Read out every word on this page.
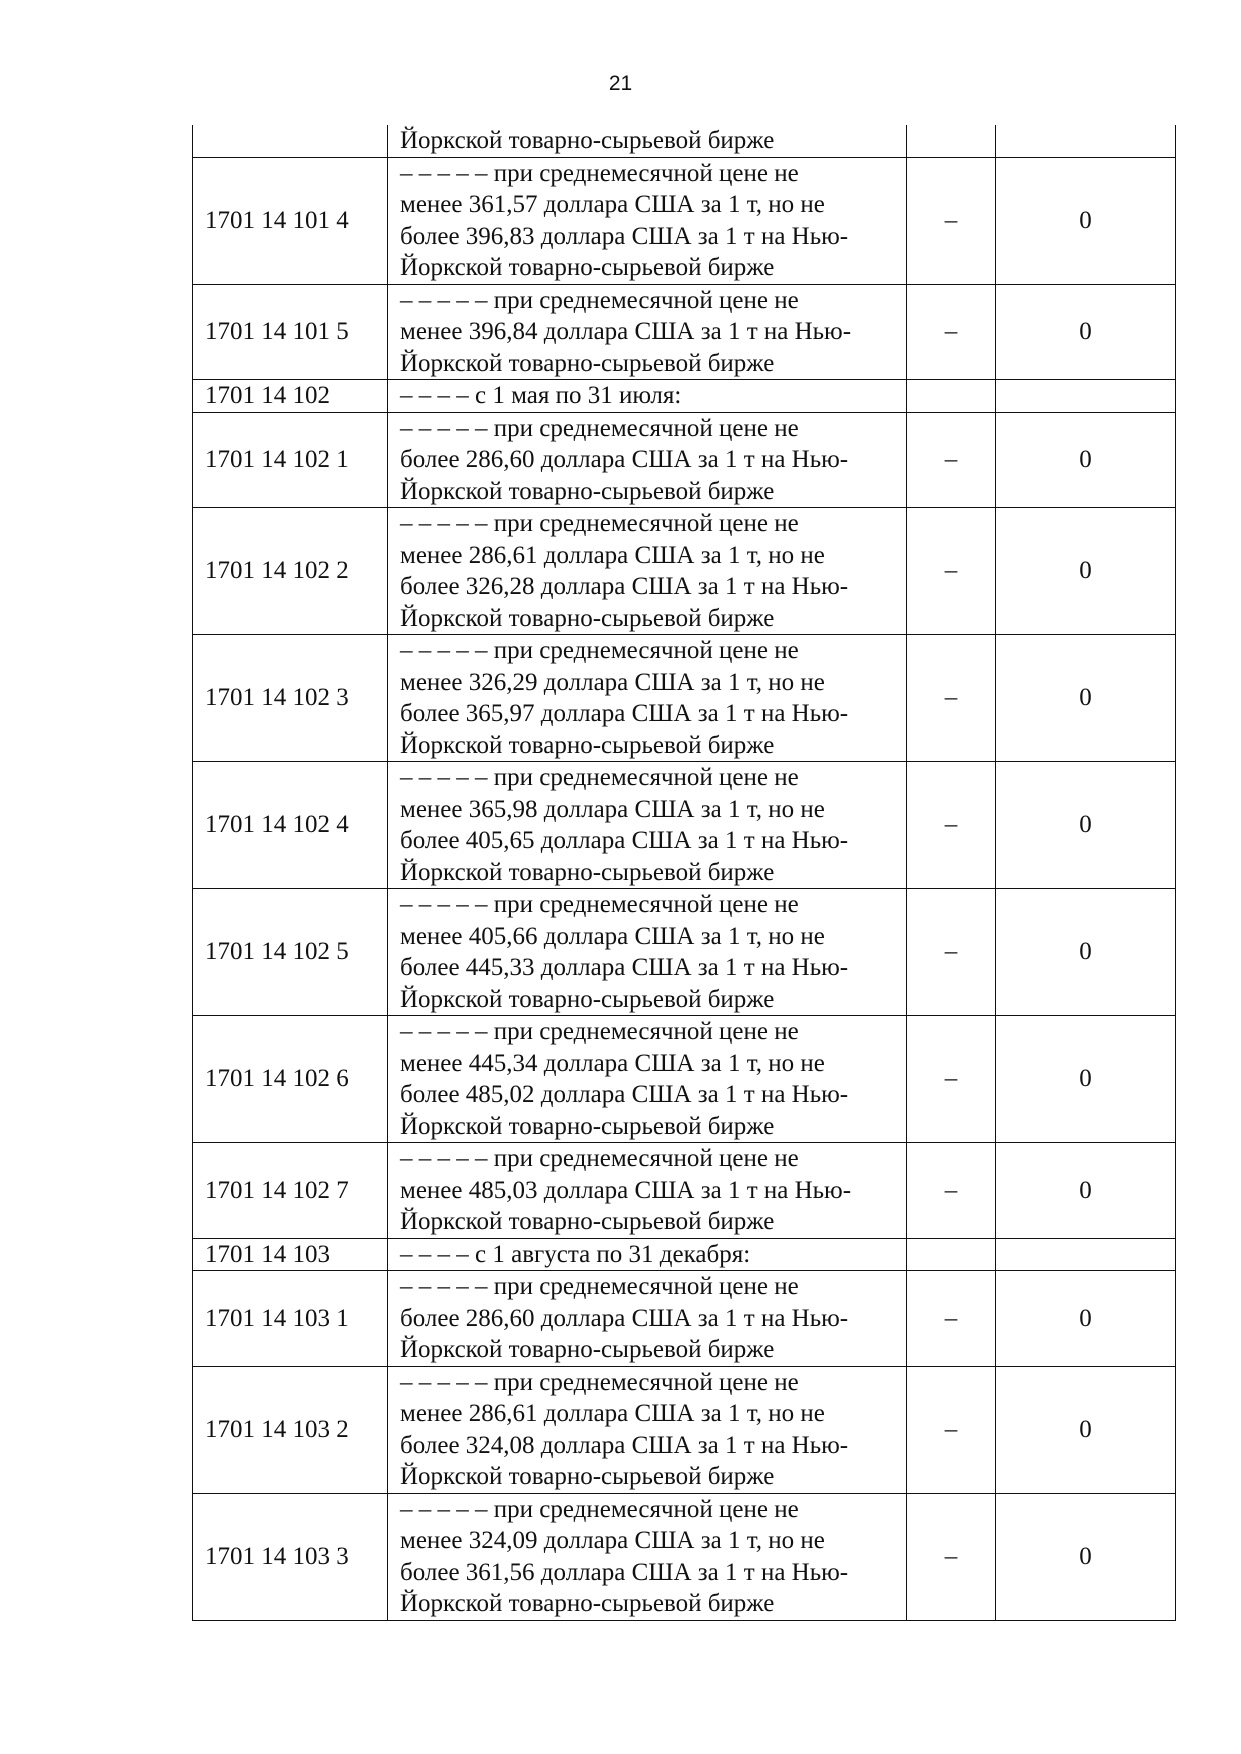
21

	Йоркской товарно-сырьевой бирже		

1701 14 101 4	– – – – – при среднемесячной цене не
менее 361,57 доллара США за 1 т, но не
более 396,83 доллара США за 1 т на Нью-
Йоркской товарно-сырьевой бирже	–	0
1701 14 101 5	– – – – – при среднемесячной цене не
менее 396,84 доллара США за 1 т на Нью-
Йоркской товарно-сырьевой бирже	–	0
1701 14 102	– – – – с 1 мая по 31 июля:		

1701 14 102 1	– – – – – при среднемесячной цене не
более 286,60 доллара США за 1 т на Нью-
Йоркской товарно-сырьевой бирже	–	0
1701 14 102 2	– – – – – при среднемесячной цене не
менее 286,61 доллара США за 1 т, но не
более 326,28 доллара США за 1 т на Нью-
Йоркской товарно-сырьевой бирже	–	0
1701 14 102 3	– – – – – при среднемесячной цене не
менее 326,29 доллара США за 1 т, но не
более 365,97 доллара США за 1 т на Нью-
Йоркской товарно-сырьевой бирже	–	0
1701 14 102 4	– – – – – при среднемесячной цене не
менее 365,98 доллара США за 1 т, но не
более 405,65 доллара США за 1 т на Нью-
Йоркской товарно-сырьевой бирже	–	0
1701 14 102 5	– – – – – при среднемесячной цене не
менее 405,66 доллара США за 1 т, но не
более 445,33 доллара США за 1 т на Нью-
Йоркской товарно-сырьевой бирже	–	0
1701 14 102 6	– – – – – при среднемесячной цене не
менее 445,34 доллара США за 1 т, но не
более 485,02 доллара США за 1 т на Нью-
Йоркской товарно-сырьевой бирже	–	0
1701 14 102 7	– – – – – при среднемесячной цене не
менее 485,03 доллара США за 1 т на Нью-
Йоркской товарно-сырьевой бирже	–	0
1701 14 103	– – – – с 1 августа по 31 декабря:		

1701 14 103 1	– – – – – при среднемесячной цене не
более 286,60 доллара США за 1 т на Нью-
Йоркской товарно-сырьевой бирже	–	0
1701 14 103 2	– – – – – при среднемесячной цене не
менее 286,61 доллара США за 1 т, но не
более 324,08 доллара США за 1 т на Нью-
Йоркской товарно-сырьевой бирже	–	0
1701 14 103 3	– – – – – при среднемесячной цене не
менее 324,09 доллара США за 1 т, но не
более 361,56 доллара США за 1 т на Нью-
Йоркской товарно-сырьевой бирже	–	0
